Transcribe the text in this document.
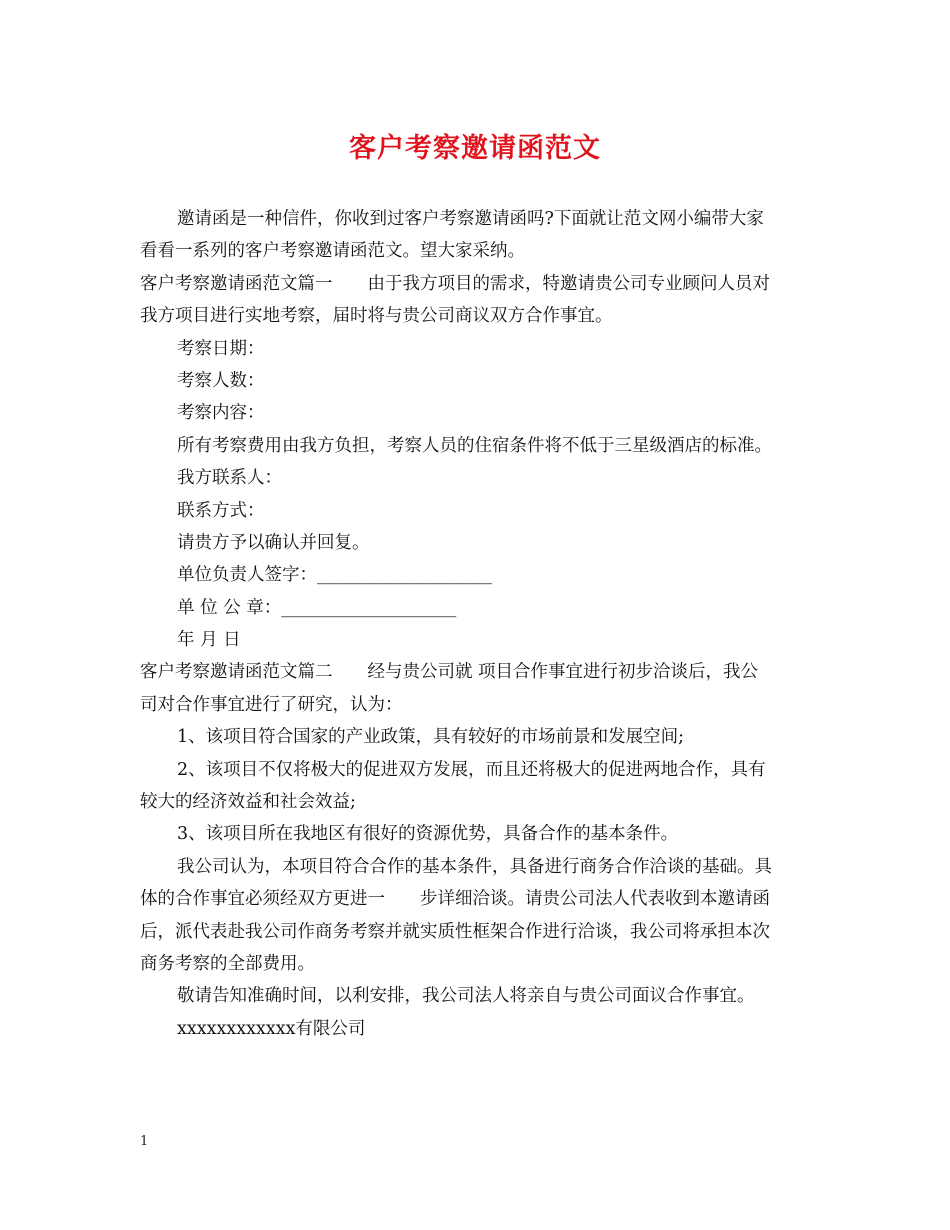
客户考察邀请函范文
邀请函是一种信件，你收到过客户考察邀请函吗?下面就让范文网小编带大家
看看一系列的客户考察邀请函范文。望大家采纳。
客户考察邀请函范文篇一　　由于我方项目的需求，特邀请贵公司专业顾问人员对
我方项目进行实地考察，届时将与贵公司商议双方合作事宜。
考察日期：
考察人数：
考察内容：
所有考察费用由我方负担，考察人员的住宿条件将不低于三星级酒店的标准。
我方联系人：
联系方式：
请贵方予以确认并回复。
单位负责人签字：____________________
单 位 公 章：____________________
年 月 日
客户考察邀请函范文篇二　　经与贵公司就 项目合作事宜进行初步洽谈后，我公
司对合作事宜进行了研究，认为：
1、该项目符合国家的产业政策，具有较好的市场前景和发展空间;
2、该项目不仅将极大的促进双方发展，而且还将极大的促进两地合作，具有
较大的经济效益和社会效益;
3、该项目所在我地区有很好的资源优势，具备合作的基本条件。
我公司认为，本项目符合合作的基本条件，具备进行商务合作洽谈的基础。具
体的合作事宜必须经双方更进一　　步详细洽谈。请贵公司法人代表收到本邀请函
后，派代表赴我公司作商务考察并就实质性框架合作进行洽谈，我公司将承担本次
商务考察的全部费用。
敬请告知准确时间，以利安排，我公司法人将亲自与贵公司面议合作事宜。
xxxxxxxxxxxx有限公司
1
